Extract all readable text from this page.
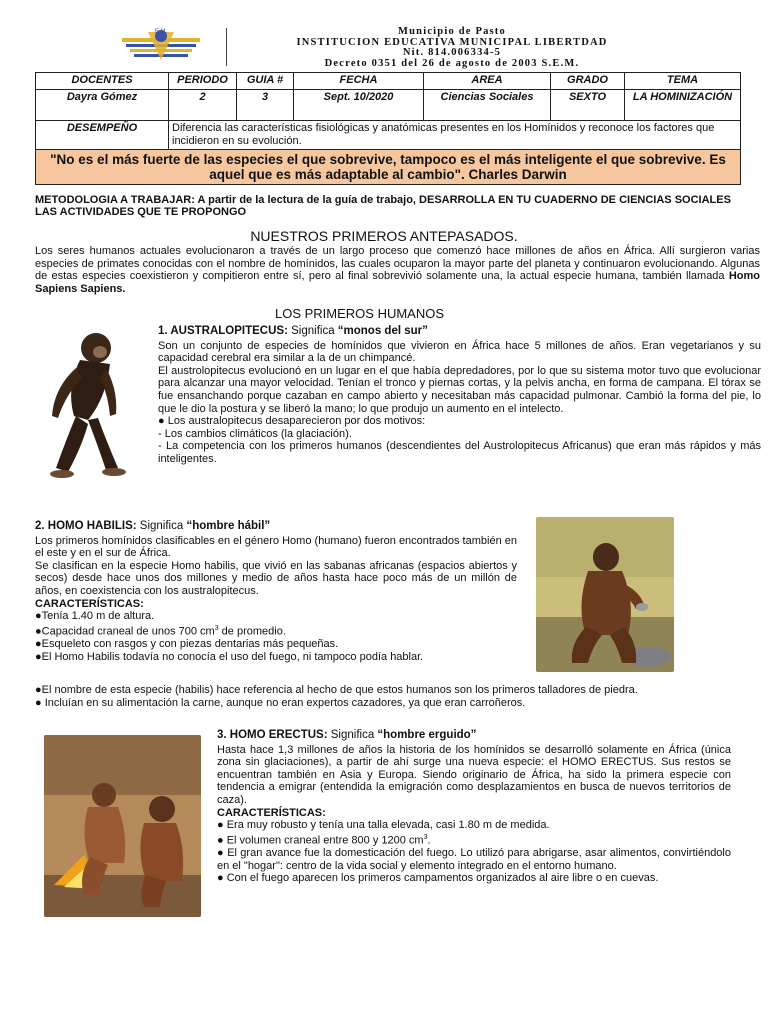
E.M.	Municipio de Pasto
INSTITUCION EDUCATIVA MUNICIPAL LIBERTDAD
Nit. 814.006334-5
Decreto 0351 del 26 de agosto de 2003 S.E.M.
DOCENTES	PERIODO	GUIA #	FECHA	AREA	GRADO	TEMA
Dayra Gómez	2	3	Sept. 10/2020	Ciencias Sociales	SEXTO	LA HOMINIZACIÓN
DESEMPEÑO	Diferencia las características fisiológicas y anatómicas presentes en los Homínidos y reconoce los factores que incidieron en su evolución.					
"No es el más fuerte de las especies el que sobrevive, tampoco es el más inteligente el que sobrevive. Es aquel que es más adaptable al cambio". Charles Darwin						
METODOLOGIA A TRABAJAR: A partir de la lectura de la guía de trabajo, DESARROLLA EN TU CUADERNO DE CIENCIAS SOCIALES LAS ACTIVIDADES QUE TE PROPONGO
NUESTROS PRIMEROS ANTEPASADOS.
Los seres humanos actuales evolucionaron a través de un largo proceso que comenzó hace millones de años en África. Allí surgieron varias especies de primates conocidas con el nombre de homínidos, las cuales ocuparon la mayor parte del planeta y continuaron evolucionando. Algunas de estas especies coexistieron y compitieron entre sí, pero al final sobrevivió solamente una, la actual especie humana, también llamada Homo Sapiens Sapiens.
LOS PRIMEROS HUMANOS

1. AUSTRALOPITECUS: Significa “monos del sur”

Son un conjunto de especies de homínidos que vivieron en África hace 5 millones de años. Eran vegetarianos y su capacidad cerebral era similar a la de un chimpancé.

El austrolopitecus evolucionó en un lugar en el que había depredadores, por lo que su sistema motor tuvo que evolucionar para alcanzar una mayor velocidad. Tenían el tronco y piernas cortas, y la pelvis ancha, en forma de campana. El tórax se fue ensanchando porque cazaban en campo abierto y necesitaban más capacidad pulmonar. Cambió la forma del pie, lo que le dio la postura y se liberó la mano; lo que produjo un aumento en el intelecto.

● Los australopitecus desaparecieron por dos motivos:

- Los cambios climáticos (la glaciación).

- La competencia con los primeros humanos (descendientes del Austrolopitecus Africanus) que eran más rápidos y más inteligentes.

2. HOMO HABILIS: Significa “hombre hábil”

Los primeros homínidos clasificables en el género Homo (humano) fueron encontrados también en el este y en el sur de África.

Se clasifican en la especie Homo habilis, que vivió en las sabanas africanas (espacios abiertos y secos) desde hace unos dos millones y medio de años hasta hace poco más de un millón de años, en coexistencia con los australopitecus.

CARACTERÍSTICAS:

●Tenía 1.40 m de altura.

●Capacidad craneal de unos 700 $cm^3$ de promedio.

●Esqueleto con rasgos y con piezas dentarias más pequeñas.

●El Homo Habilis todavía no conocía el uso del fuego, ni tampoco podía hablar.

●El nombre de esta especie (habilis) hace referencia al hecho de que estos humanos son los primeros talladores de piedra.

● Incluían en su alimentación la carne, aunque no eran expertos cazadores, ya que eran carroñeros.

3. HOMO ERECTUS: Significa “hombre erguido”

Hasta hace 1,3 millones de años la historia de los homínidos se desarrolló solamente en África (única zona sin glaciaciones), a partir de ahí surge una nueva especie: el HOMO ERECTUS. Sus restos se encuentran también en Asia y Europa. Siendo originario de África, ha sido la primera especie con tendencia a emigrar (entendida la emigración como desplazamientos en busca de nuevos territorios de caza).

CARACTERÍSTICAS:

● Era muy robusto y tenía una talla elevada, casi 1.80 m de medida.

● El volumen craneal entre 800 y 1200 $cm^3$.

● El gran avance fue la domesticación del fuego. Lo utilizó para abrigarse, asar alimentos, convirtiéndolo en el "hogar": centro de la vida social y elemento integrado en el entorno humano.

● Con el fuego aparecen los primeros campamentos organizados al aire libre o en cuevas.
